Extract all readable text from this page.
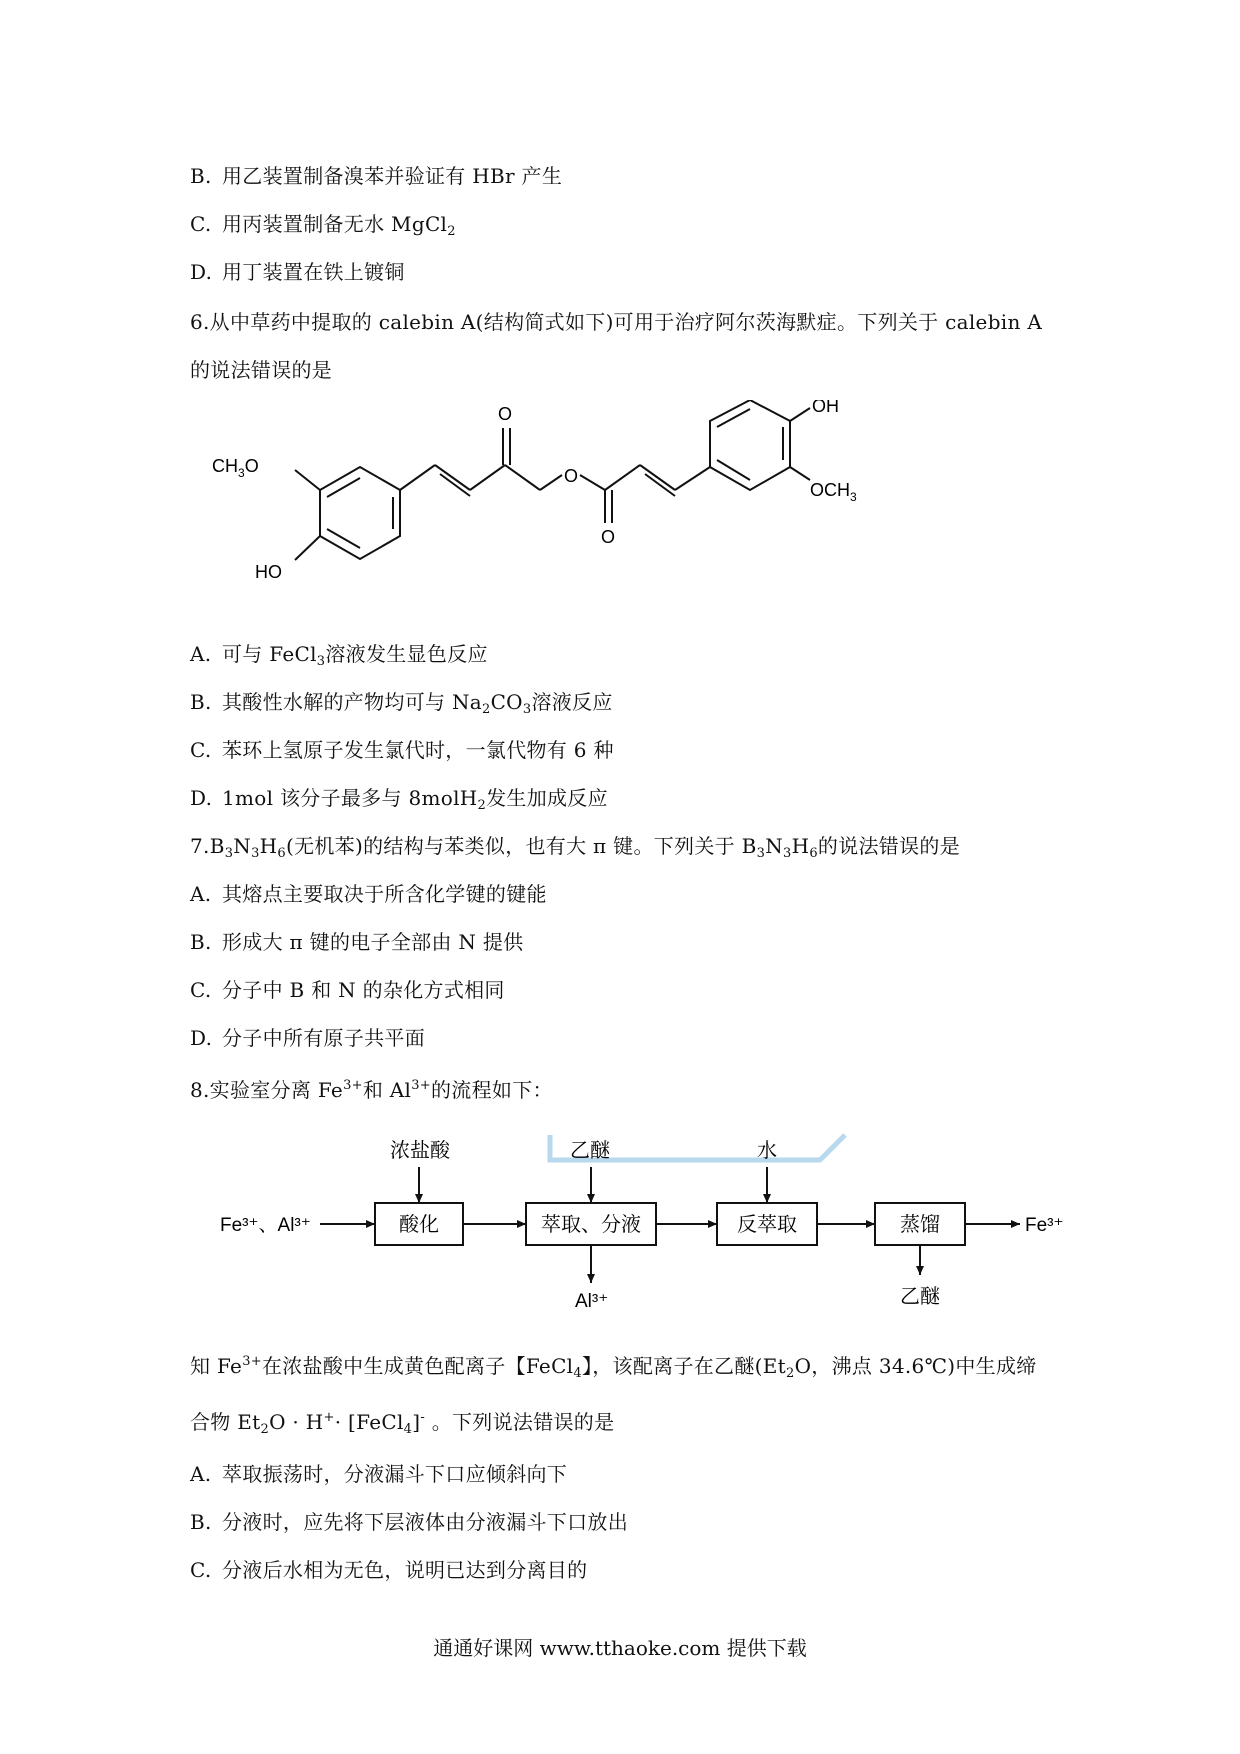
B. 用乙装置制备溴苯并验证有 HBr 产生
C. 用丙装置制备无水 MgCl$_2$
D. 用丁装置在铁上镀铜
6.从中草药中提取的 calebin A(结构简式如下)可用于治疗阿尔茨海默症。下列关于 calebin A
的说法错误的是
OH
$OCH_3$
$CH_3O$
HO
O
O
O
A. 可与 FeCl$_3$溶液发生显色反应
B. 其酸性水解的产物均可与 $Na_2CO_3$溶液反应
C. 苯环上氢原子发生氯代时，一氯代物有 6 种
D. 1mol 该分子最多与 8molH$_2$发生加成反应
$7.B_3N_3H_6$(无机苯)的结构与苯类似，也有大 π 键。下列关于 $B_3N_3H_6$的说法错误的是
A. 其熔点主要取决于所含化学键的键能
B. 形成大 π 键的电子全部由 N 提供
C. 分子中 B 和 N 的杂化方式相同
D. 分子中所有原子共平面
8.实验室分离 $Fe^{3+}$和 $Al^{3+}$的流程如下：
Fe³⁺、Al³⁺
浓盐酸	乙醚	水
酸化	萃取、分液	反萃取	蒸馏
Al³⁺
Fe³⁺
乙醚
知 $Fe^{3+}$在浓盐酸中生成黄色配离子【FeCl$_4$】，该配离子在乙醚($Et_2O$，沸点 34.6℃)中生成缔
合物 $Et_2O \cdot H^+\cdot$ [FeCl$_4$]- 。下列说法错误的是
A. 萃取振荡时，分液漏斗下口应倾斜向下
B. 分液时，应先将下层液体由分液漏斗下口放出
C. 分液后水相为无色，说明已达到分离目的
通通好课网 www.tthaoke.com 提供下载
